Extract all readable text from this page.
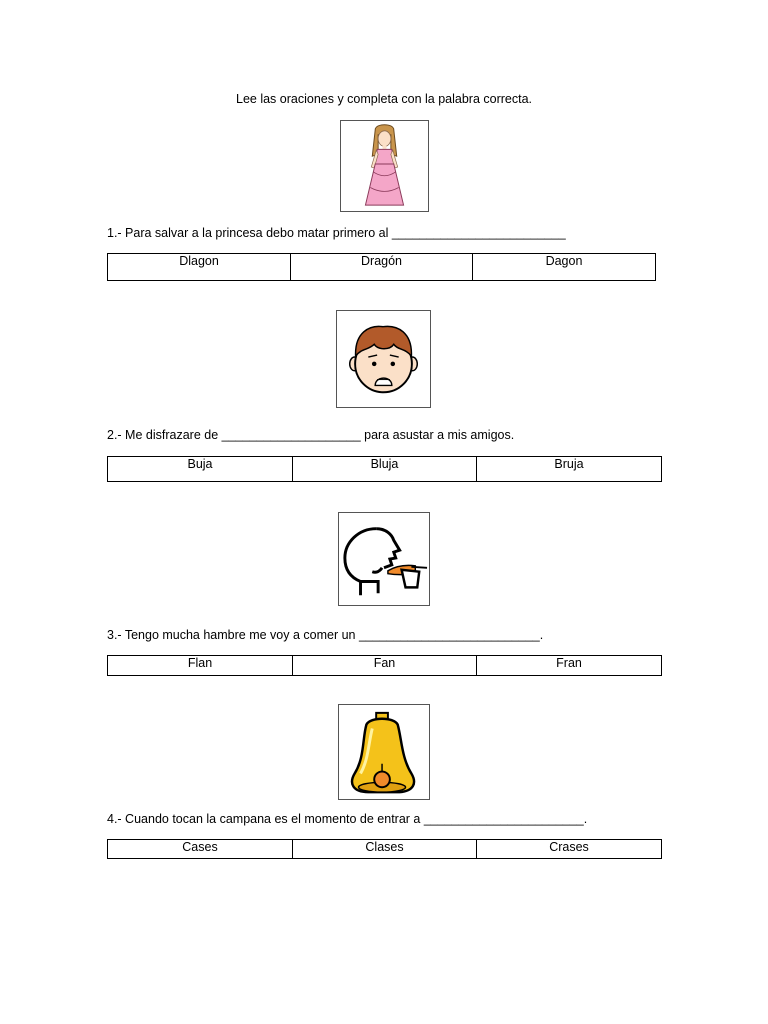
Lee las oraciones y completa con la palabra correcta.
1.- Para salvar a la princesa debo matar primero al _________________________
Dlagon	Dragón	Dagon
2.- Me disfrazare de ____________________ para asustar a mis amigos.
Buja	Bluja	Bruja
3.- Tengo mucha hambre me voy a comer un __________________________.
Flan	Fan	Fran
4.- Cuando tocan la campana es el momento de entrar a _______________________.
Cases	Clases	Crases
